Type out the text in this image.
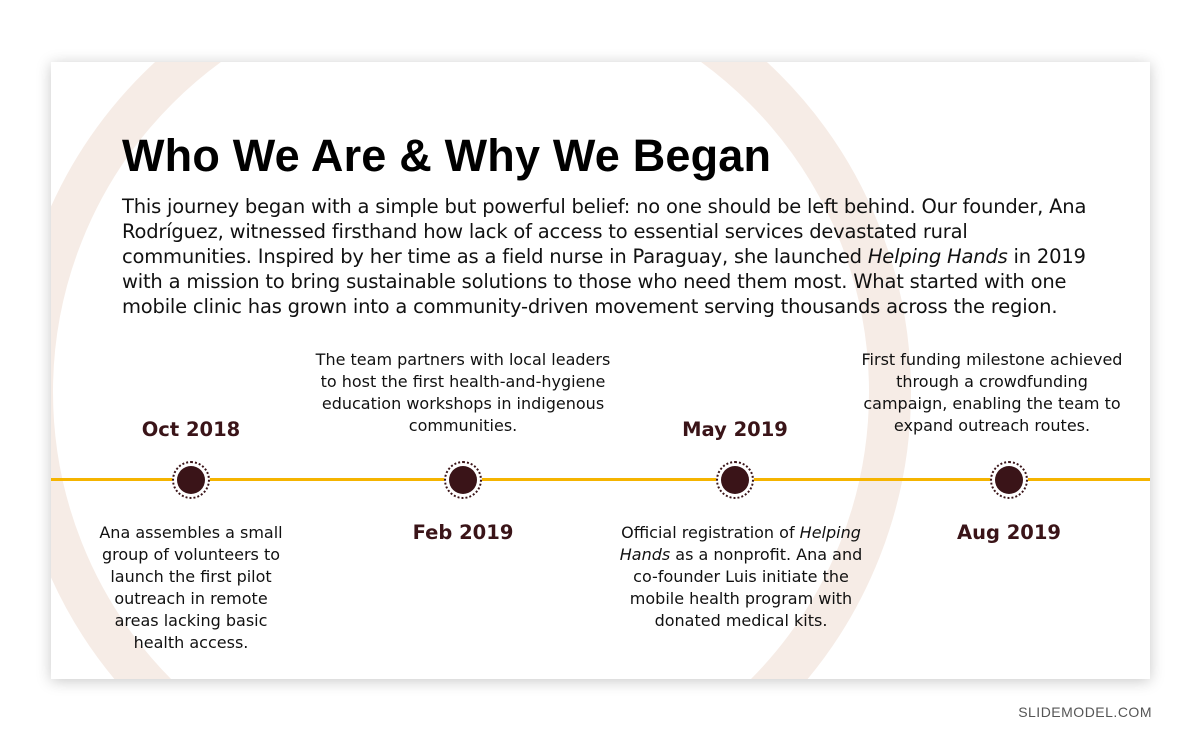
Who We Are & Why We Began

This journey began with a simple but powerful belief: no one should be left behind. Our founder, Ana Rodríguez, witnessed firsthand how lack of access to essential services devastated rural communities. Inspired by her time as a field nurse in Paraguay, she launched Helping Hands in 2019 with a mission to bring sustainable solutions to those who need them most. What started with one mobile clinic has grown into a community-driven movement serving thousands across the region.

Oct 2018
Ana assembles a small group of volunteers to launch the first pilot outreach in remote areas lacking basic health access.
The team partners with local leaders to host the first health-and-hygiene education workshops in indigenous communities.
Feb 2019
May 2019
Official registration of Helping Hands as a nonprofit. Ana and co-founder Luis initiate the mobile health program with donated medical kits.
First funding milestone achieved through a crowdfunding campaign, enabling the team to expand outreach routes.
Aug 2019
SLIDEMODEL.COM
